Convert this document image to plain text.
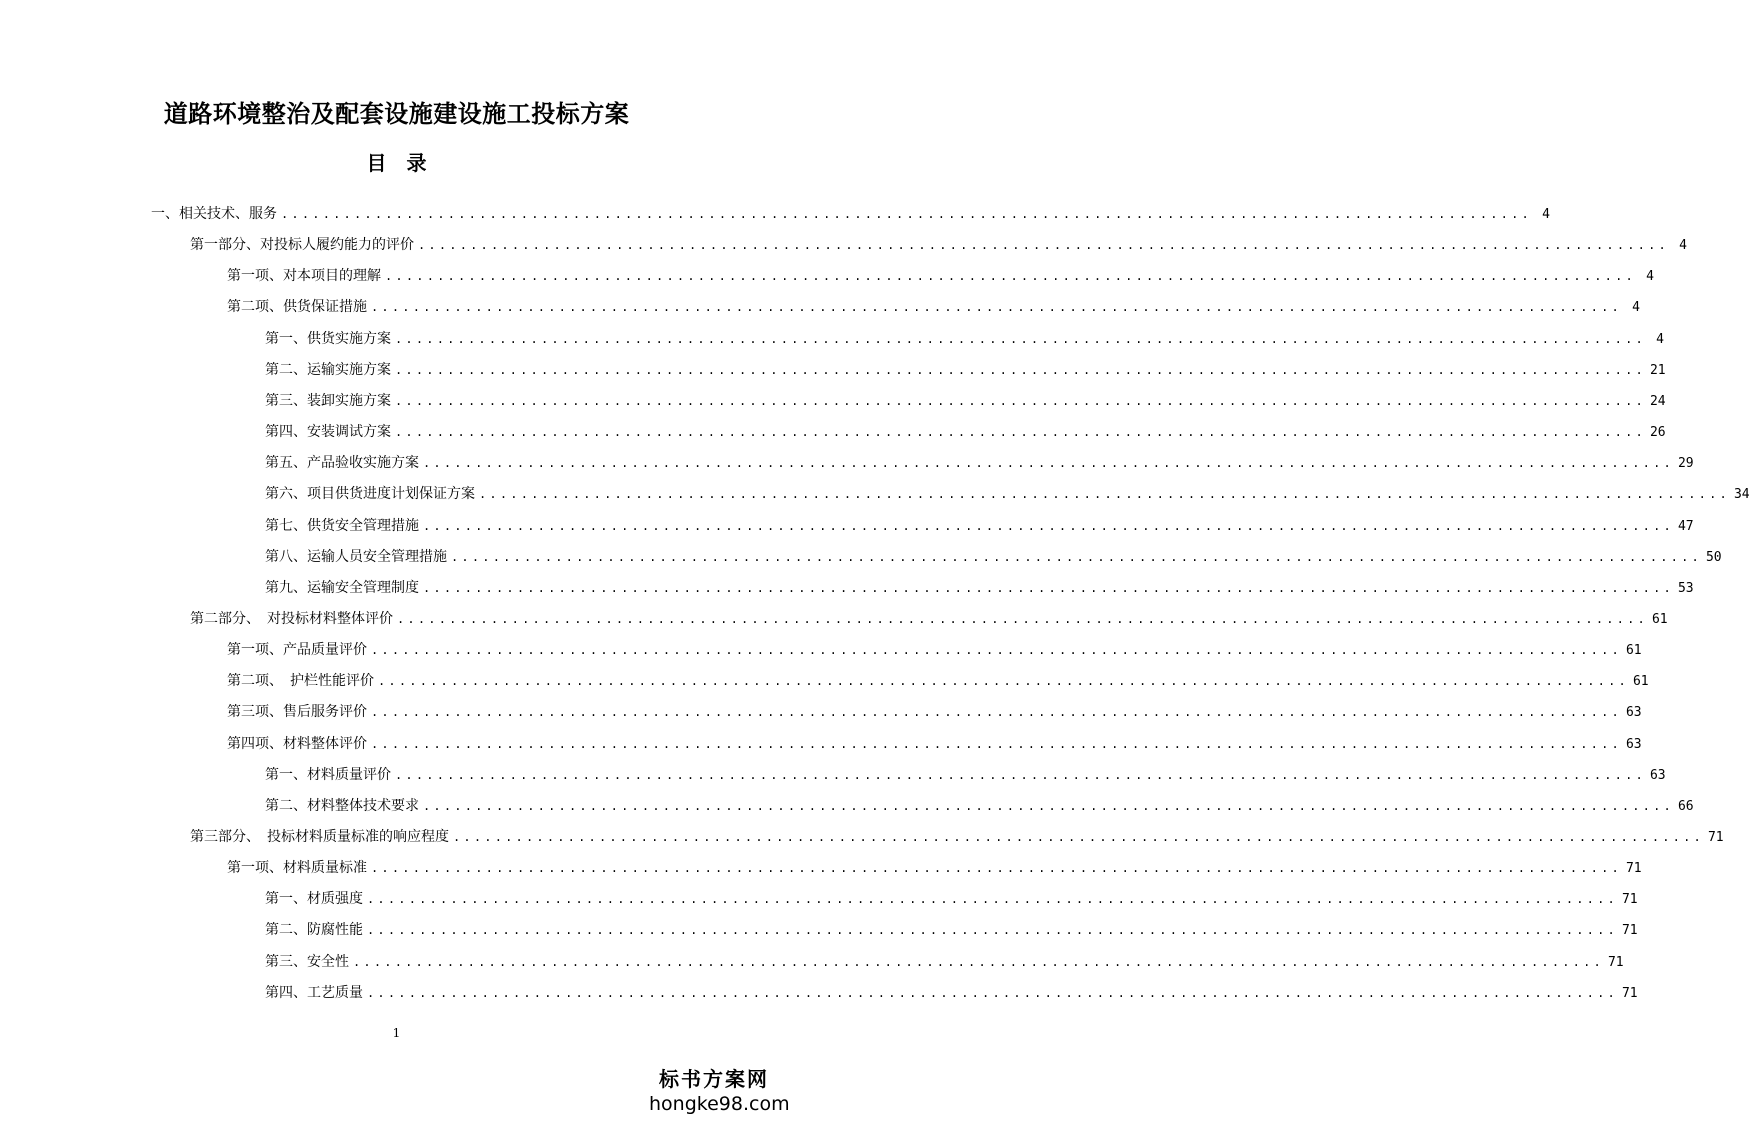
道路环境整治及配套设施建设施工投标方案
目　录
一、相关技术、服务 ........................................................................................................................ 4
第一部分、对投标人履约能力的评价 ........................................................................................................................ 4
第一项、对本项目的理解 ........................................................................................................................ 4
第二项、供货保证措施 ........................................................................................................................ 4
第一、供货实施方案 ........................................................................................................................ 4
第二、运输实施方案 ........................................................................................................................ 21
第三、装卸实施方案 ........................................................................................................................ 24
第四、安装调试方案 ........................................................................................................................ 26
第五、产品验收实施方案 ........................................................................................................................ 29
第六、项目供货进度计划保证方案 ........................................................................................................................ 34
第七、供货安全管理措施 ........................................................................................................................ 47
第八、运输人员安全管理措施 ........................................................................................................................ 50
第九、运输安全管理制度 ........................................................................................................................ 53
第二部分、　对投标材料整体评价 ........................................................................................................................ 61
第一项、产品质量评价 ........................................................................................................................ 61
第二项、　护栏性能评价 ........................................................................................................................ 61
第三项、售后服务评价 ........................................................................................................................ 63
第四项、材料整体评价 ........................................................................................................................ 63
第一、材料质量评价 ........................................................................................................................ 63
第二、材料整体技术要求 ........................................................................................................................ 66
第三部分、　投标材料质量标准的响应程度 ........................................................................................................................ 71
第一项、材料质量标准 ........................................................................................................................ 71
第一、材质强度 ........................................................................................................................ 71
第二、防腐性能 ........................................................................................................................ 71
第三、安全性 ........................................................................................................................ 71
第四、工艺质量 ........................................................................................................................ 71
1
标书方案网
hongke98.com
